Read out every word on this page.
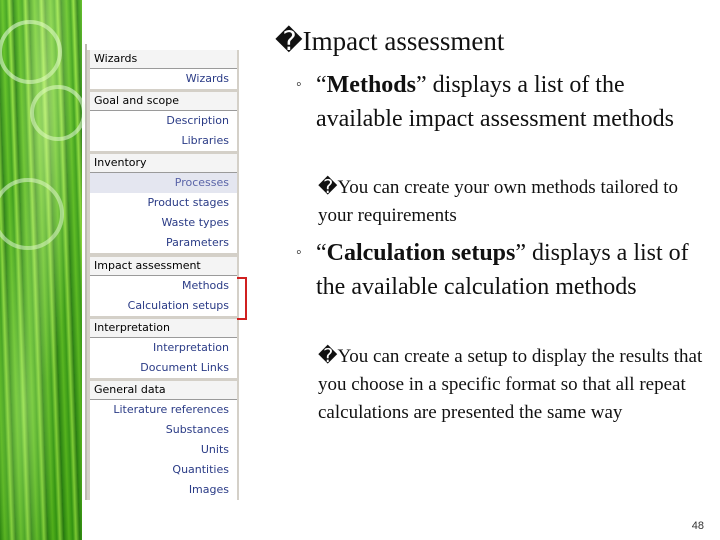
Wizards
Wizards
Goal and scope
Description
Libraries
Inventory
Processes
Product stages
Waste types
Parameters
Impact assessment
Methods
Calculation setups
Interpretation
Interpretation
Document Links
General data
Literature references
Substances
Units
Quantities
Images
�Impact assessment
◦ “Methods” displays a list of the available impact assessment methods
�You can create your own methods tailored to your requirements
◦ “Calculation setups” displays a list of the available calculation methods
�You can create a setup to display the results that you choose in a specific format so that all repeat calculations are presented the same way
48
